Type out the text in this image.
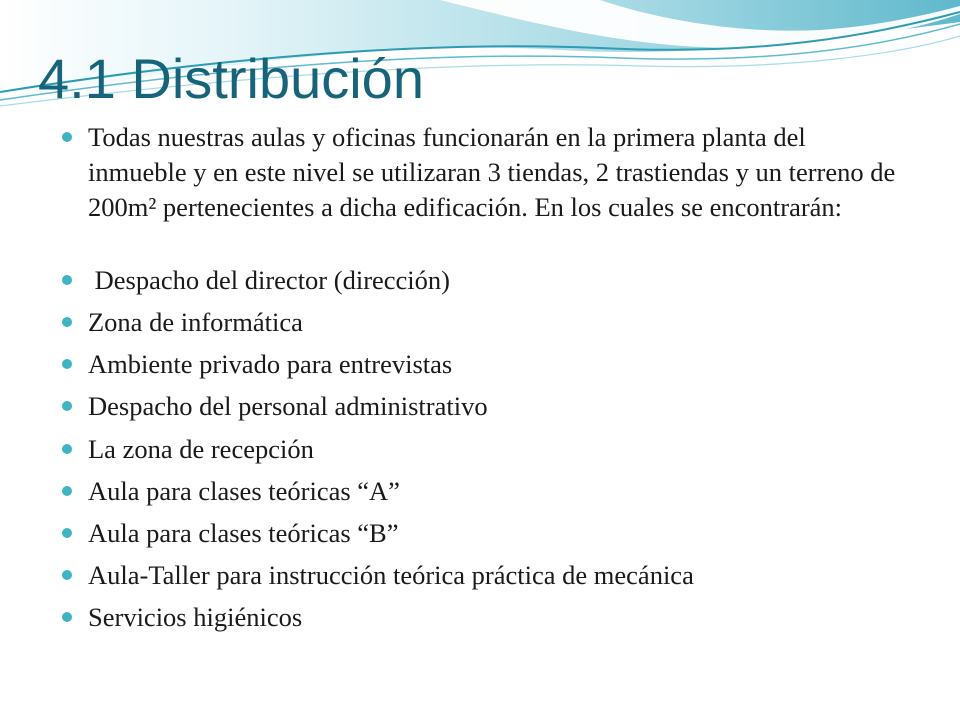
4.1 Distribución
Todas nuestras aulas y oficinas funcionarán en la primera planta del inmueble y en este nivel se utilizaran 3 tiendas, 2 trastiendas y un terreno de 200m² pertenecientes a dicha edificación. En los cuales se encontrarán:
Despacho del director (dirección)
Zona de informática
Ambiente privado para entrevistas
Despacho del personal administrativo
La zona de recepción
Aula para clases teóricas “A”
Aula para clases teóricas “B”
Aula-Taller para instrucción teórica práctica de mecánica
Servicios higiénicos
